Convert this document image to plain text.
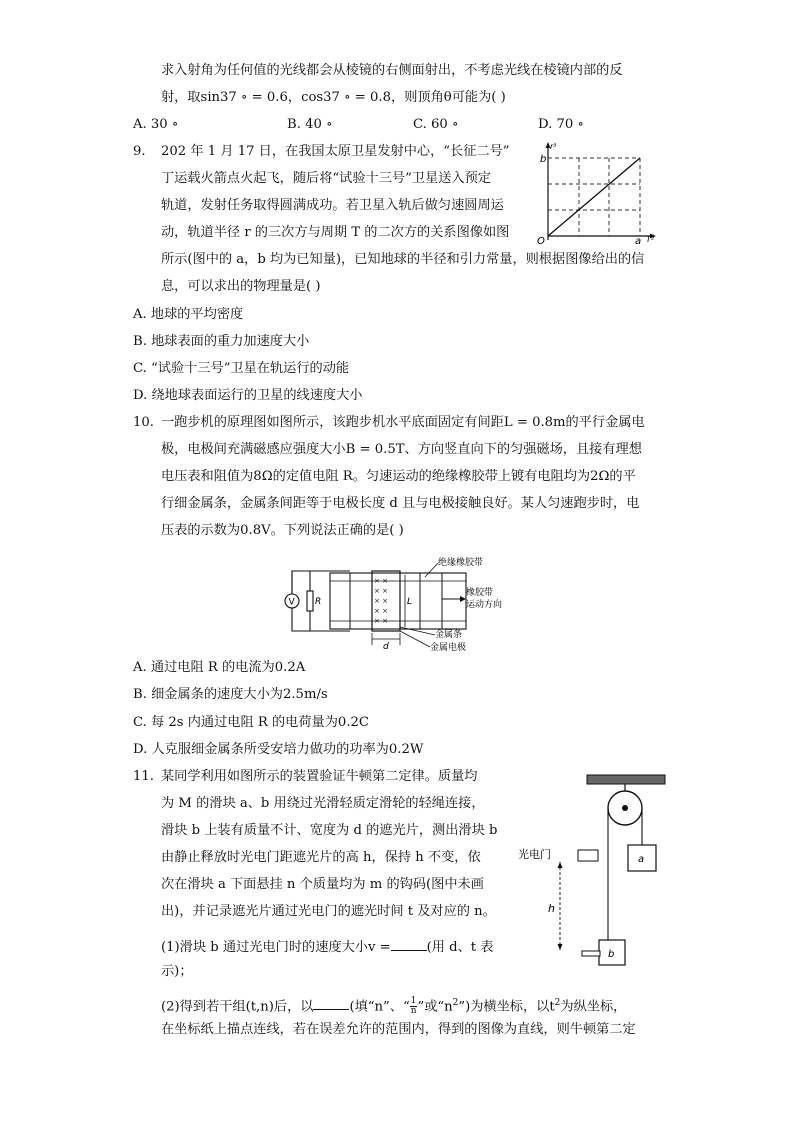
求入射角为任何值的光线都会从棱镜的右侧面射出，不考虑光线在棱镜内部的反
射，取sin37 ∘ = 0.6，cos37 ∘ = 0.8，则顶角θ可能为( )
A. 30 ∘	B. 40 ∘	C. 60 ∘	D. 70 ∘
9. 202 年 1 月 17 日，在我国太原卫星发射中心，“长征二号”
丁运载火箭点火起飞，随后将“试验十三号”卫星送入预定
轨道，发射任务取得圆满成功。若卫星入轨后做匀速圆周运
动，轨道半径 r 的三次方与周期 T 的二次方的关系图像如图
所示(图中的 a，b 均为已知量)，已知地球的半径和引力常量，则根据图像给出的信
息，可以求出的物理量是( )
b
r³
O	a T²
A. 地球的平均密度
B. 地球表面的重力加速度大小
C. “试验十三号”卫星在轨运行的动能
D. 绕地球表面运行的卫星的线速度大小
10. 一跑步机的原理图如图所示，该跑步机水平底面固定有间距L = 0.8m的平行金属电
极，电极间充满磁感应强度大小B = 0.5T、方向竖直向下的匀强磁场，且接有理想
电压表和阻值为8Ω的定值电阻 R。匀速运动的绝缘橡胶带上镀有电阻均为2Ω的平
行细金属条，金属条间距等于电极长度 d 且与电极接触良好。某人匀速跑步时，电
压表的示数为0.8V。下列说法正确的是( )
V R
× ×
× ×
× ×
× ×
× ×
L
d
绝缘橡胶带
橡胶带
运动方向
金属条
金属电极
A. 通过电阻 R 的电流为0.2A
B. 细金属条的速度大小为2.5m/s
C. 每 2s 内通过电阻 R 的电荷量为0.2C
D. 人克服细金属条所受安培力做功的功率为0.2W
11. 某同学利用如图所示的装置验证牛顿第二定律。质量均
为 M 的滑块 a、b 用绕过光滑轻质定滑轮的轻绳连接，
滑块 b 上装有质量不计、宽度为 d 的遮光片，测出滑块 b
由静止释放时光电门距遮光片的高 h，保持 h 不变，依
次在滑块 a 下面悬挂 n 个质量均为 m 的钩码(图中未画
出)，并记录遮光片通过光电门的遮光时间 t 及对应的 n。
(1)滑块 b 通过光电门时的速度大小v =	(用 d、t 表
示)；
(2)得到若干组(t,n)后，以	(填“n”、“ $\frac{1}{n}$ ”或“$n^2$”)为横坐标，以$t^2$为纵坐标，
在坐标纸上描点连线，若在误差允许的范围内，得到的图像为直线，则牛顿第二定
a
b
光电门
h
